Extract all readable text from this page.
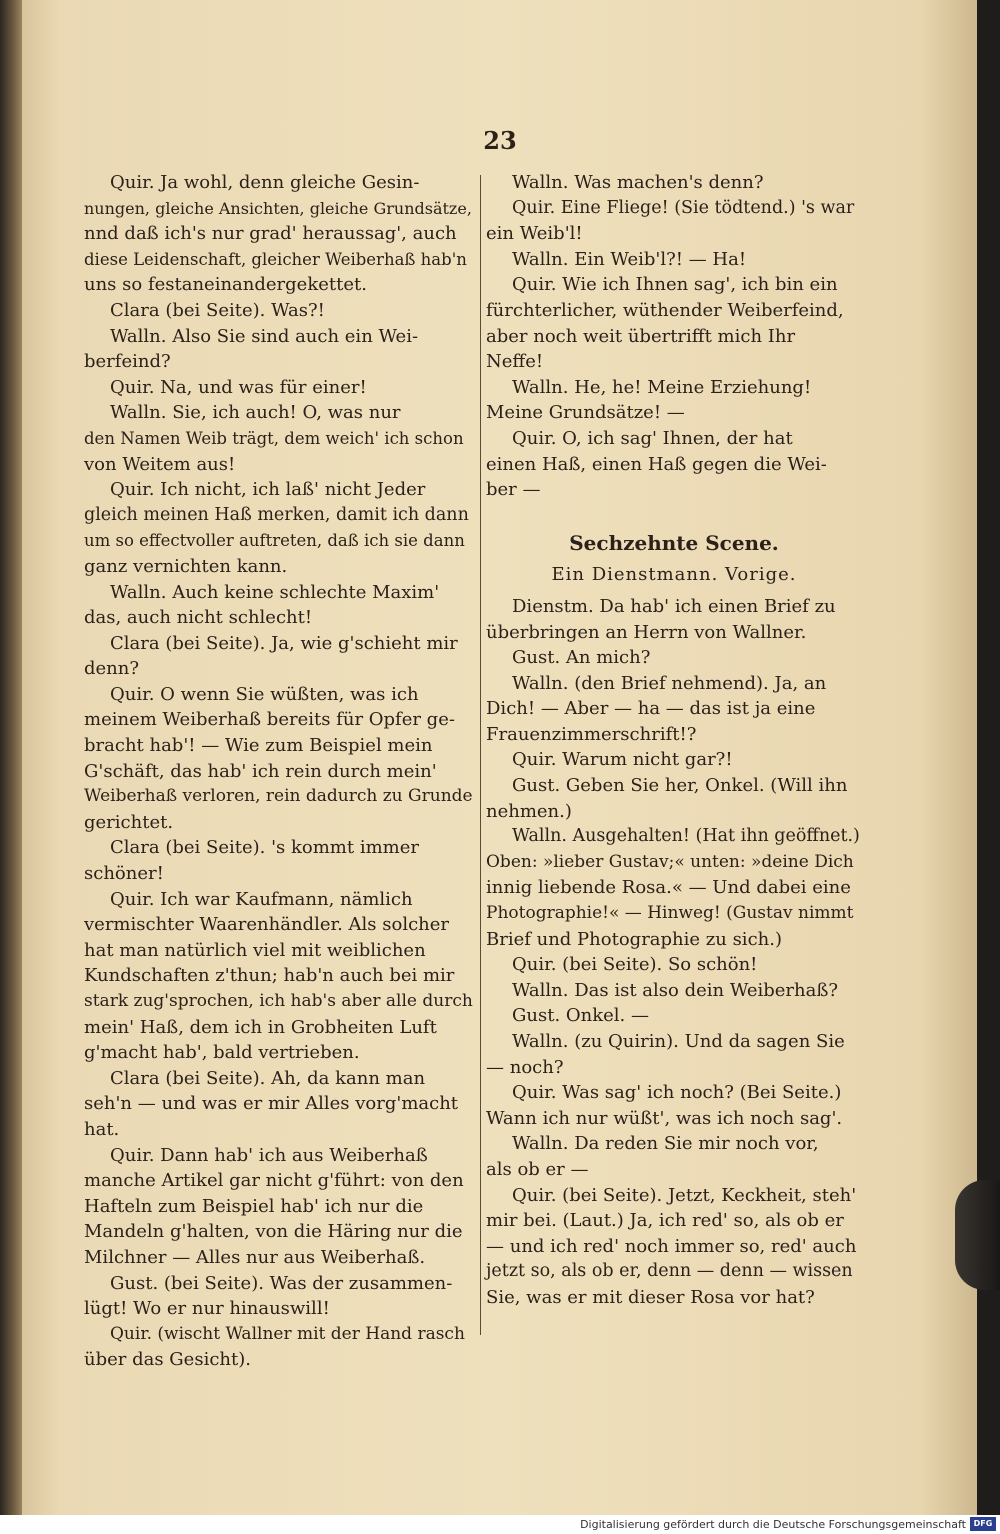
23
Quir. Ja wohl, denn gleiche Gesin-
nungen, gleiche Ansichten, gleiche Grundsätze,
nnd daß ich's nur grad' heraussag', auch
diese Leidenschaft, gleicher Weiberhaß hab'n
uns so festaneinandergekettet.
Clara (bei Seite). Was?!
Walln. Also Sie sind auch ein Wei-
berfeind?
Quir. Na, und was für einer!
Walln. Sie, ich auch! O, was nur
den Namen Weib trägt, dem weich' ich schon
von Weitem aus!
Quir. Ich nicht, ich laß' nicht Jeder
gleich meinen Haß merken, damit ich dann
um so effectvoller auftreten, daß ich sie dann
ganz vernichten kann.
Walln. Auch keine schlechte Maxim'
das, auch nicht schlecht!
Clara (bei Seite). Ja, wie g'schieht mir
denn?
Quir. O wenn Sie wüßten, was ich
meinem Weiberhaß bereits für Opfer ge-
bracht hab'! — Wie zum Beispiel mein
G'schäft, das hab' ich rein durch mein'
Weiberhaß verloren, rein dadurch zu Grunde
gerichtet.
Clara (bei Seite). 's kommt immer
schöner!
Quir. Ich war Kaufmann, nämlich
vermischter Waarenhändler. Als solcher
hat man natürlich viel mit weiblichen
Kundschaften z'thun; hab'n auch bei mir
stark zug'sprochen, ich hab's aber alle durch
mein' Haß, dem ich in Grobheiten Luft
g'macht hab', bald vertrieben.
Clara (bei Seite). Ah, da kann man
seh'n — und was er mir Alles vorg'macht
hat.
Quir. Dann hab' ich aus Weiberhaß
manche Artikel gar nicht g'führt: von den
Hafteln zum Beispiel hab' ich nur die
Mandeln g'halten, von die Häring nur die
Milchner — Alles nur aus Weiberhaß.
Gust. (bei Seite). Was der zusammen-
lügt! Wo er nur hinauswill!
Quir. (wischt Wallner mit der Hand rasch
über das Gesicht).
Walln. Was machen's denn?
Quir. Eine Fliege! (Sie tödtend.) 's war
ein Weib'l!
Walln. Ein Weib'l?! — Ha!
Quir. Wie ich Ihnen sag', ich bin ein
fürchterlicher, wüthender Weiberfeind,
aber noch weit übertrifft mich Ihr
Neffe!
Walln. He, he! Meine Erziehung!
Meine Grundsätze! —
Quir. O, ich sag' Ihnen, der hat
einen Haß, einen Haß gegen die Wei-
ber —
Sechzehnte Scene.
Ein Dienstmann. Vorige.
Dienstm. Da hab' ich einen Brief zu
überbringen an Herrn von Wallner.
Gust. An mich?
Walln. (den Brief nehmend). Ja, an
Dich! — Aber — ha — das ist ja eine
Frauenzimmerschrift!?
Quir. Warum nicht gar?!
Gust. Geben Sie her, Onkel. (Will ihn
nehmen.)
Walln. Ausgehalten! (Hat ihn geöffnet.)
Oben: »lieber Gustav;« unten: »deine Dich
innig liebende Rosa.« — Und dabei eine
Photographie!« — Hinweg! (Gustav nimmt
Brief und Photographie zu sich.)
Quir. (bei Seite). So schön!
Walln. Das ist also dein Weiberhaß?
Gust. Onkel. —
Walln. (zu Quirin). Und da sagen Sie
— noch?
Quir. Was sag' ich noch? (Bei Seite.)
Wann ich nur wüßt', was ich noch sag'.
Walln. Da reden Sie mir noch vor,
als ob er —
Quir. (bei Seite). Jetzt, Keckheit, steh'
mir bei. (Laut.) Ja, ich red' so, als ob er
— und ich red' noch immer so, red' auch
jetzt so, als ob er, denn — denn — wissen
Sie, was er mit dieser Rosa vor hat?
Digitalisierung gefördert durch die Deutsche Forschungsgemeinschaft DFG
